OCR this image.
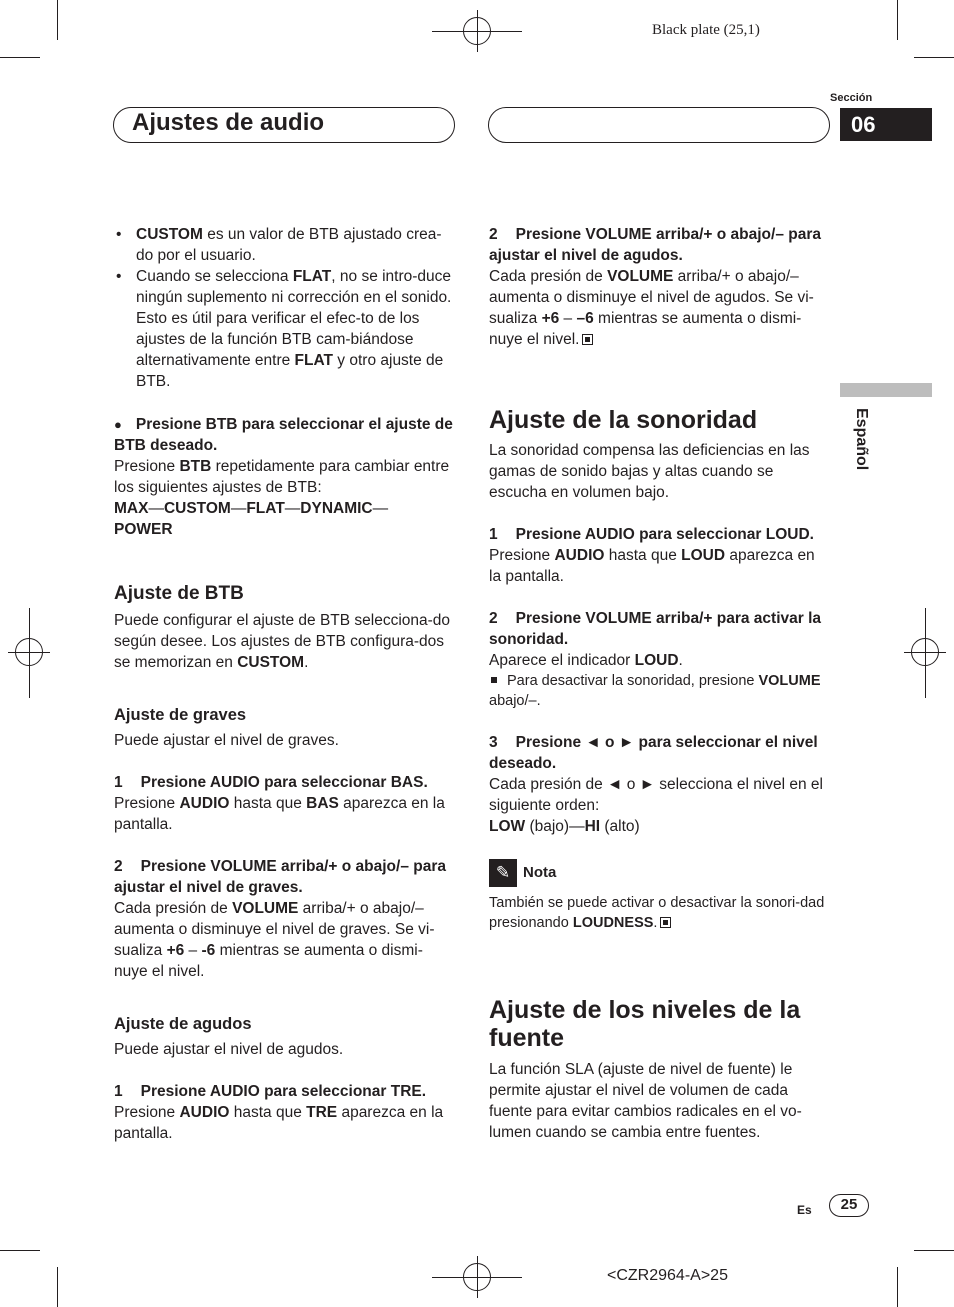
Black plate (25,1)
Ajustes de audio
Sección
06
Español
• CUSTOM es un valor de BTB ajustado crea-do por el usuario.
• Cuando se selecciona FLAT, no se intro-duce ningún suplemento ni corrección en el sonido. Esto es útil para verificar el efec-to de los ajustes de la función BTB cam-biándose alternativamente entre FLAT y otro ajuste de BTB.

● Presione BTB para seleccionar el ajuste de BTB deseado.

Presione BTB repetidamente para cambiar entre los siguientes ajustes de BTB:

MAX—CUSTOM—FLAT—DYNAMIC—
POWER

Ajuste de BTB

Puede configurar el ajuste de BTB selecciona-do según desee. Los ajustes de BTB configura-dos se memorizan en CUSTOM.

Ajuste de graves

Puede ajustar el nivel de graves.

1 Presione AUDIO para seleccionar BAS.

Presione AUDIO hasta que BAS aparezca en la pantalla.

2 Presione VOLUME arriba/+ o abajo/– para ajustar el nivel de graves.

Cada presión de VOLUME arriba/+ o abajo/– aumenta o disminuye el nivel de graves. Se vi-sualiza +6 – -6 mientras se aumenta o dismi-nuye el nivel.

Ajuste de agudos

Puede ajustar el nivel de agudos.

1 Presione AUDIO para seleccionar TRE.

Presione AUDIO hasta que TRE aparezca en la pantalla.

2 Presione VOLUME arriba/+ o abajo/– para ajustar el nivel de agudos.

Cada presión de VOLUME arriba/+ o abajo/– aumenta o disminuye el nivel de agudos. Se vi-sualiza +6 – –6 mientras se aumenta o dismi-nuye el nivel.

Ajuste de la sonoridad

La sonoridad compensa las deficiencias en las gamas de sonido bajas y altas cuando se escucha en volumen bajo.

1 Presione AUDIO para seleccionar LOUD.

Presione AUDIO hasta que LOUD aparezca en la pantalla.

2 Presione VOLUME arriba/+ para activar la sonoridad.

Aparece el indicador LOUD.

Para desactivar la sonoridad, presione VOLUME abajo/–.

3 Presione ◄ o ► para seleccionar el nivel deseado.

Cada presión de ◄ o ► selecciona el nivel en el siguiente orden:

LOW (bajo)—HI (alto)

✎ Nota

También se puede activar o desactivar la sonori-dad presionando LOUDNESS.

Ajuste de los niveles de la fuente

La función SLA (ajuste de nivel de fuente) le permite ajustar el nivel de volumen de cada fuente para evitar cambios radicales en el vo-lumen cuando se cambia entre fuentes.

Es	25
<CZR2964-A>25
